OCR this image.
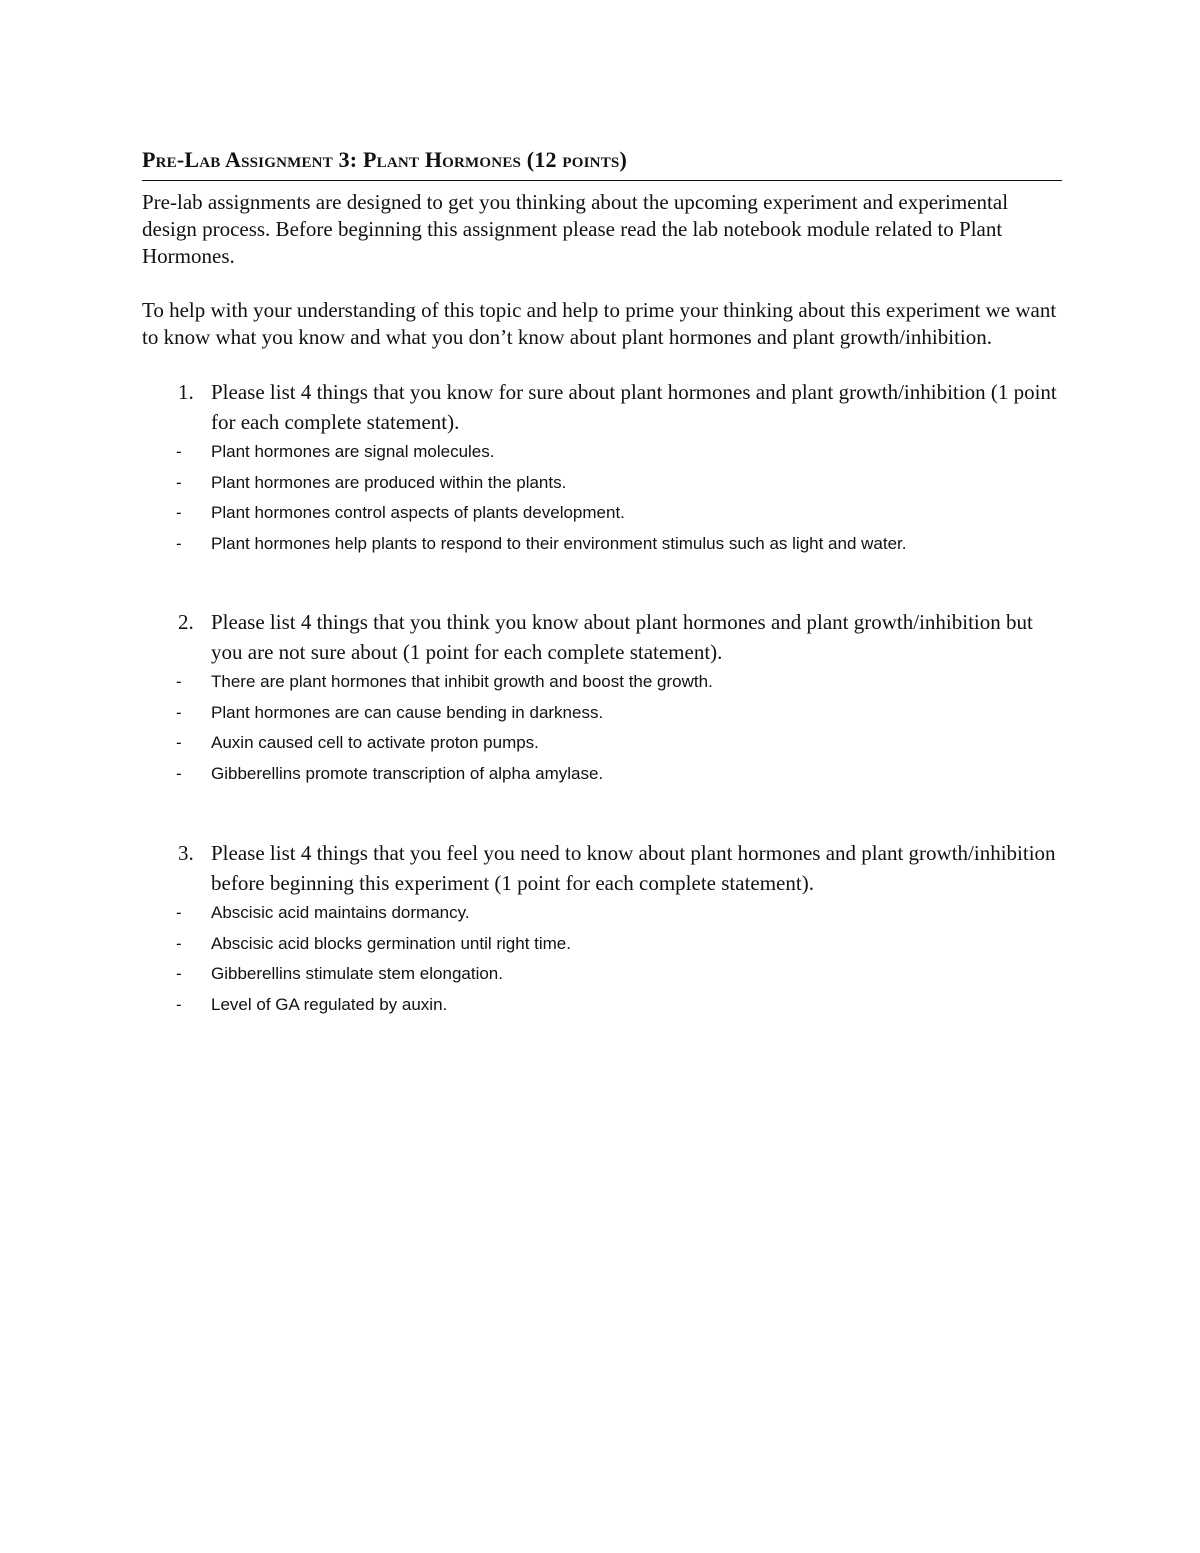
Pre-Lab Assignment 3: Plant Hormones (12 points)

Pre-lab assignments are designed to get you thinking about the upcoming experiment and experimental design process. Before beginning this assignment please read the lab notebook module related to Plant Hormones.

To help with your understanding of this topic and help to prime your thinking about this experiment we want to know what you know and what you don’t know about plant hormones and plant growth/inhibition.

1. Please list 4 things that you know for sure about plant hormones and plant growth/inhibition (1 point for each complete statement).
-	Plant hormones are signal molecules.
-	Plant hormones are produced within the plants.
-	Plant hormones control aspects of plants development.
-	Plant hormones help plants to respond to their environment stimulus such as light and water.
2. Please list 4 things that you think you know about plant hormones and plant growth/inhibition but you are not sure about (1 point for each complete statement).
-	There are plant hormones that inhibit growth and boost the growth.
-	Plant hormones are can cause bending in darkness.
-	Auxin caused cell to activate proton pumps.
-	Gibberellins promote transcription of alpha amylase.
3. Please list 4 things that you feel you need to know about plant hormones and plant growth/inhibition before beginning this experiment (1 point for each complete statement).
-	Abscisic acid maintains dormancy.
-	Abscisic acid blocks germination until right time.
-	Gibberellins stimulate stem elongation.
-	Level of GA regulated by auxin.
